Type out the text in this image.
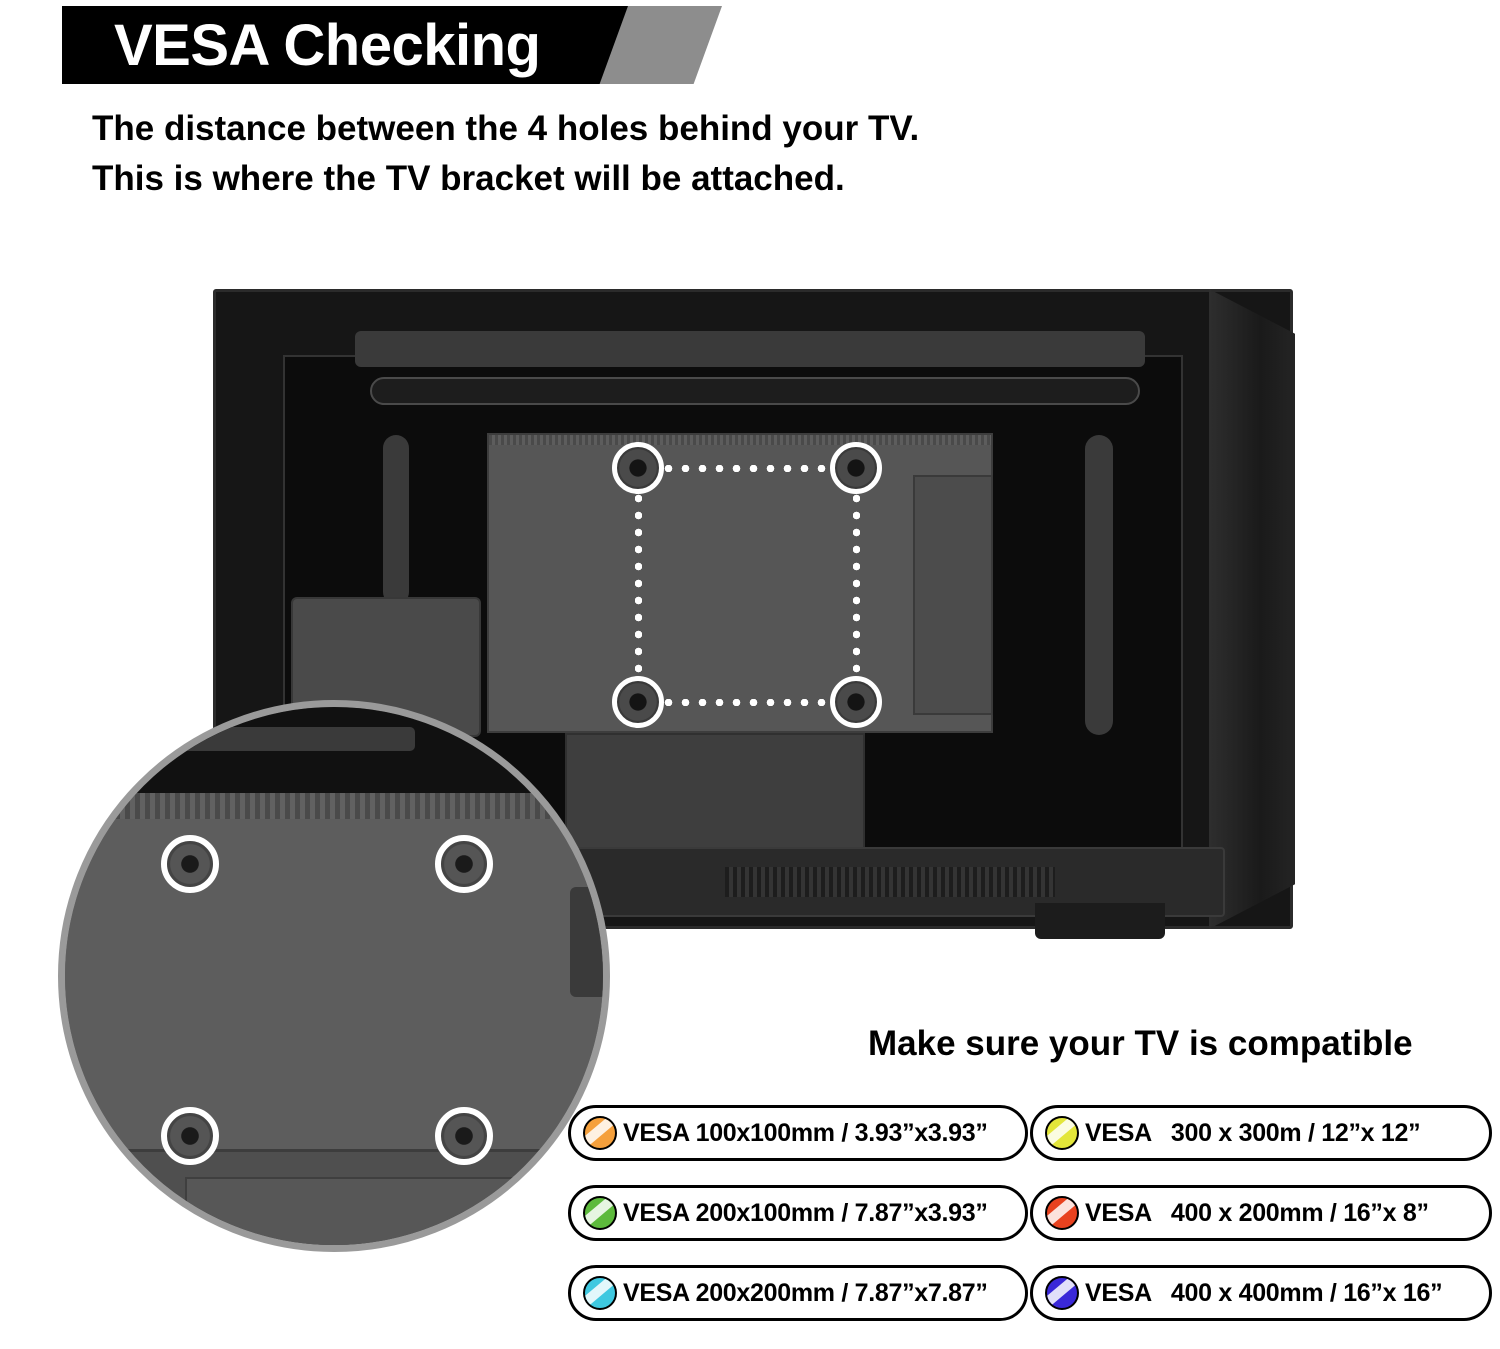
VESA Checking
The distance between the 4 holes behind your TV.
This is where the TV bracket will be attached.
Make sure your TV is compatible
VESA 100x100mm / 3.93”x3.93”
VESA 200x100mm / 7.87”x3.93”
VESA 200x200mm / 7.87”x7.87”
VESA   300 x 300m / 12”x 12”
VESA   400 x 200mm / 16”x 8”
VESA   400 x 400mm / 16”x 16”
